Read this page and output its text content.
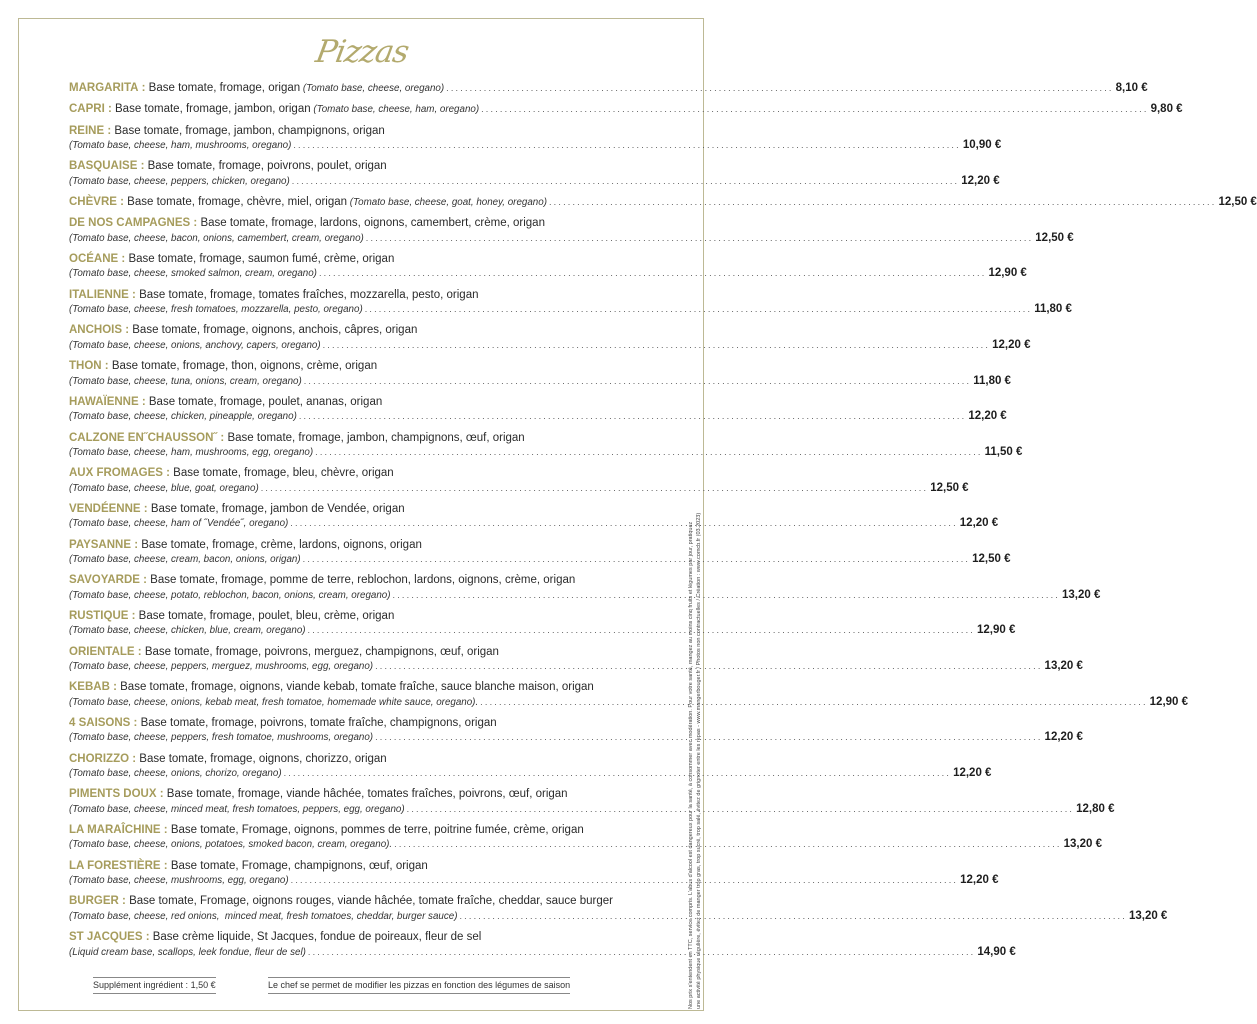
Pizzas
MARGARITA : Base tomate, fromage, origan
(Tomato base, cheese, oregano) .............................................................................................................................................. 8,10 €
CAPRI : Base tomate, fromage, jambon, origan
(Tomato base, cheese, ham, oregano) .............................................................................................................................................. 9,80 €
REINE : Base tomate, fromage, jambon, champignons, origan
(Tomato base, cheese, ham, mushrooms, oregano) .............................................................................................................................................. 10,90 €
BASQUAISE : Base tomate, fromage, poivrons, poulet, origan
(Tomato base, cheese, peppers, chicken, oregano) .............................................................................................................................................. 12,20 €
CHÈVRE : Base tomate, fromage, chèvre, miel, origan
(Tomato base, cheese, goat, honey, oregano) .............................................................................................................................................. 12,50 €
DE NOS CAMPAGNES : Base tomate, fromage, lardons, oignons, camembert, crème, origan
(Tomato base, cheese, bacon, onions, camembert, cream, oregano) .............................................................................................................................................. 12,50 €
OCÉANE : Base tomate, fromage, saumon fumé, crème, origan
(Tomato base, cheese, smoked salmon, cream, oregano) .............................................................................................................................................. 12,90 €
ITALIENNE : Base tomate, fromage, tomates fraîches, mozzarella, pesto, origan
(Tomato base, cheese, fresh tomatoes, mozzarella, pesto, oregano) .............................................................................................................................................. 11,80 €
ANCHOIS : Base tomate, fromage, oignons, anchois, câpres, origan
(Tomato base, cheese, onions, anchovy, capers, oregano) .............................................................................................................................................. 12,20 €
THON : Base tomate, fromage, thon, oignons, crème, origan
(Tomato base, cheese, tuna, onions, cream, oregano) .............................................................................................................................................. 11,80 €
HAWAÏENNE : Base tomate, fromage, poulet, ananas, origan
(Tomato base, cheese, chicken, pineapple, oregano) .............................................................................................................................................. 12,20 €
CALZONE EN˝CHAUSSON˝ : Base tomate, fromage, jambon, champignons, œuf, origan
(Tomato base, cheese, ham, mushrooms, egg, oregano) .............................................................................................................................................. 11,50 €
AUX FROMAGES : Base tomate, fromage, bleu, chèvre, origan
(Tomato base, cheese, blue, goat, oregano) .............................................................................................................................................. 12,50 €
VENDÉENNE : Base tomate, fromage, jambon de Vendée, origan
(Tomato base, cheese, ham of ˝Vendée˝, oregano) .............................................................................................................................................. 12,20 €
PAYSANNE : Base tomate, fromage, crème, lardons, oignons, origan
(Tomato base, cheese, cream, bacon, onions, origan) .............................................................................................................................................. 12,50 €
SAVOYARDE : Base tomate, fromage, pomme de terre, reblochon, lardons, oignons, crème, origan
(Tomato base, cheese, potato, reblochon, bacon, onions, cream, oregano) .............................................................................................................................................. 13,20 €
RUSTIQUE : Base tomate, fromage, poulet, bleu, crème, origan
(Tomato base, cheese, chicken, blue, cream, oregano) .............................................................................................................................................. 12,90 €
ORIENTALE : Base tomate, fromage, poivrons, merguez, champignons, œuf, origan
(Tomato base, cheese, peppers, merguez, mushrooms, egg, oregano) .............................................................................................................................................. 13,20 €
KEBAB : Base tomate, fromage, oignons, viande kebab, tomate fraîche, sauce blanche maison, origan
(Tomato base, cheese, onions, kebab meat, fresh tomatoe, homemade white sauce, oregano). .............................................................................................................................................. 12,90 €
4 SAISONS : Base tomate, fromage, poivrons, tomate fraîche, champignons, origan
(Tomato base, cheese, peppers, fresh tomatoe, mushrooms, oregano) .............................................................................................................................................. 12,20 €
CHORIZZO : Base tomate, fromage, oignons, chorizzo, origan
(Tomato base, cheese, onions, chorizo, oregano) .............................................................................................................................................. 12,20 €
PIMENTS DOUX : Base tomate, fromage, viande hâchée, tomates fraîches, poivrons, œuf, origan
(Tomato base, cheese, minced meat, fresh tomatoes, peppers, egg, oregano) .............................................................................................................................................. 12,80 €
LA MARAÎCHINE : Base tomate, Fromage, oignons, pommes de terre, poitrine fumée, crème, origan
(Tomato base, cheese, onions, potatoes, smoked bacon, cream, oregano). .............................................................................................................................................. 13,20 €
LA FORESTIÈRE : Base tomate, Fromage, champignons, œuf, origan
(Tomato base, cheese, mushrooms, egg, oregano) .............................................................................................................................................. 12,20 €
BURGER : Base tomate, Fromage, oignons rouges, viande hâchée, tomate fraîche, cheddar, sauce burger
(Tomato base, cheese, red onions,  minced meat, fresh tomatoes, cheddar, burger sauce) .............................................................................................................................................. 13,20 €
ST JACQUES : Base crème liquide, St Jacques, fondue de poireaux, fleur de sel
(Liquid cream base, scallops, leek fondue, fleur de sel) .............................................................................................................................................. 14,90 €
Supplément ingrédient : 1,50 €	Le chef se permet de modifier les pizzas en fonction des légumes de saison	Nos prix s'entendent en TTC, service compris. L'abus d'alcool est dangereux pour la santé, à consommer avec modération. Pour votre santé, mangez au moins cinq fruits et légumes par jour, pratiquez une activité physique régulière, évitez de manger trop gras, trop sucré, trop salé, évitez de grignoter entre les repas - www.mangerbouger.fr / Photos non contractuelles / Création : www.comcb.fr (03.2023)
